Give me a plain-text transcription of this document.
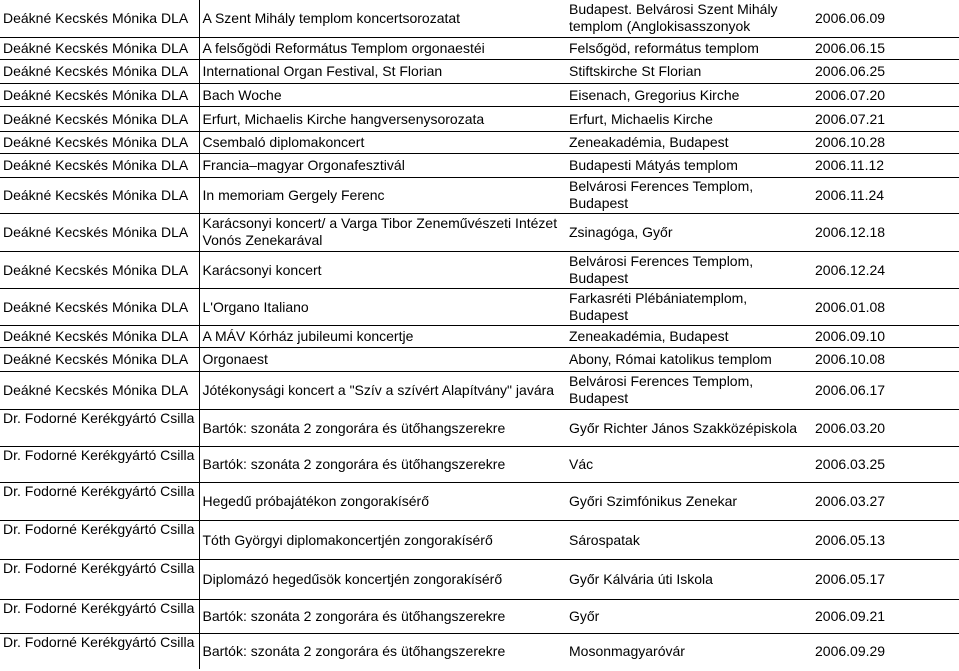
Deákné Kecskés Mónika DLA	A Szent Mihály templom koncertsorozatat	Budapest. Belvárosi Szent Mihály templom (Anglokisasszonyok	2006.06.09
Deákné Kecskés Mónika DLA	A felsőgödi Református Templom orgonaestéi	Felsőgöd, református templom	2006.06.15
Deákné Kecskés Mónika DLA	International Organ Festival, St Florian	Stiftskirche St Florian	2006.06.25
Deákné Kecskés Mónika DLA	Bach Woche	Eisenach, Gregorius Kirche	2006.07.20
Deákné Kecskés Mónika DLA	Erfurt, Michaelis Kirche hangversenysorozata	Erfurt, Michaelis Kirche	2006.07.21
Deákné Kecskés Mónika DLA	Csembaló diplomakoncert	Zeneakadémia, Budapest	2006.10.28
Deákné Kecskés Mónika DLA	Francia–magyar Orgonafesztivál	Budapesti Mátyás templom	2006.11.12
Deákné Kecskés Mónika DLA	In memoriam Gergely Ferenc	Belvárosi Ferences Templom, Budapest	2006.11.24
Deákné Kecskés Mónika DLA	Karácsonyi koncert/ a Varga Tibor Zeneművészeti Intézet Vonós Zenekarával	Zsinagóga, Győr	2006.12.18
Deákné Kecskés Mónika DLA	Karácsonyi koncert	Belvárosi Ferences Templom, Budapest	2006.12.24
Deákné Kecskés Mónika DLA	L'Organo Italiano	Farkasréti Plébániatemplom, Budapest	2006.01.08
Deákné Kecskés Mónika DLA	A MÁV Kórház jubileumi koncertje	Zeneakadémia, Budapest	2006.09.10
Deákné Kecskés Mónika DLA	Orgonaest	Abony, Római katolikus templom	2006.10.08
Deákné Kecskés Mónika DLA	Jótékonysági koncert a "Szív a szívért Alapítvány" javára	Belvárosi Ferences Templom, Budapest	2006.06.17
Dr. Fodorné Kerékgyártó Csilla	Bartók: szonáta 2 zongorára és ütőhangszerekre	Győr Richter János Szakközépiskola	2006.03.20
Dr. Fodorné Kerékgyártó Csilla	Bartók: szonáta 2 zongorára és ütőhangszerekre	Vác	2006.03.25
Dr. Fodorné Kerékgyártó Csilla	Hegedű próbajátékon zongorakísérő	Győri Szimfónikus Zenekar	2006.03.27
Dr. Fodorné Kerékgyártó Csilla	Tóth Györgyi diplomakoncertjén zongorakísérő	Sárospatak	2006.05.13
Dr. Fodorné Kerékgyártó Csilla	Diplomázó hegedűsök koncertjén zongorakísérő	Győr Kálvária úti Iskola	2006.05.17
Dr. Fodorné Kerékgyártó Csilla	Bartók: szonáta 2 zongorára és ütőhangszerekre	Győr	2006.09.21
Dr. Fodorné Kerékgyártó Csilla	Bartók: szonáta 2 zongorára és ütőhangszerekre	Mosonmagyaróvár	2006.09.29
